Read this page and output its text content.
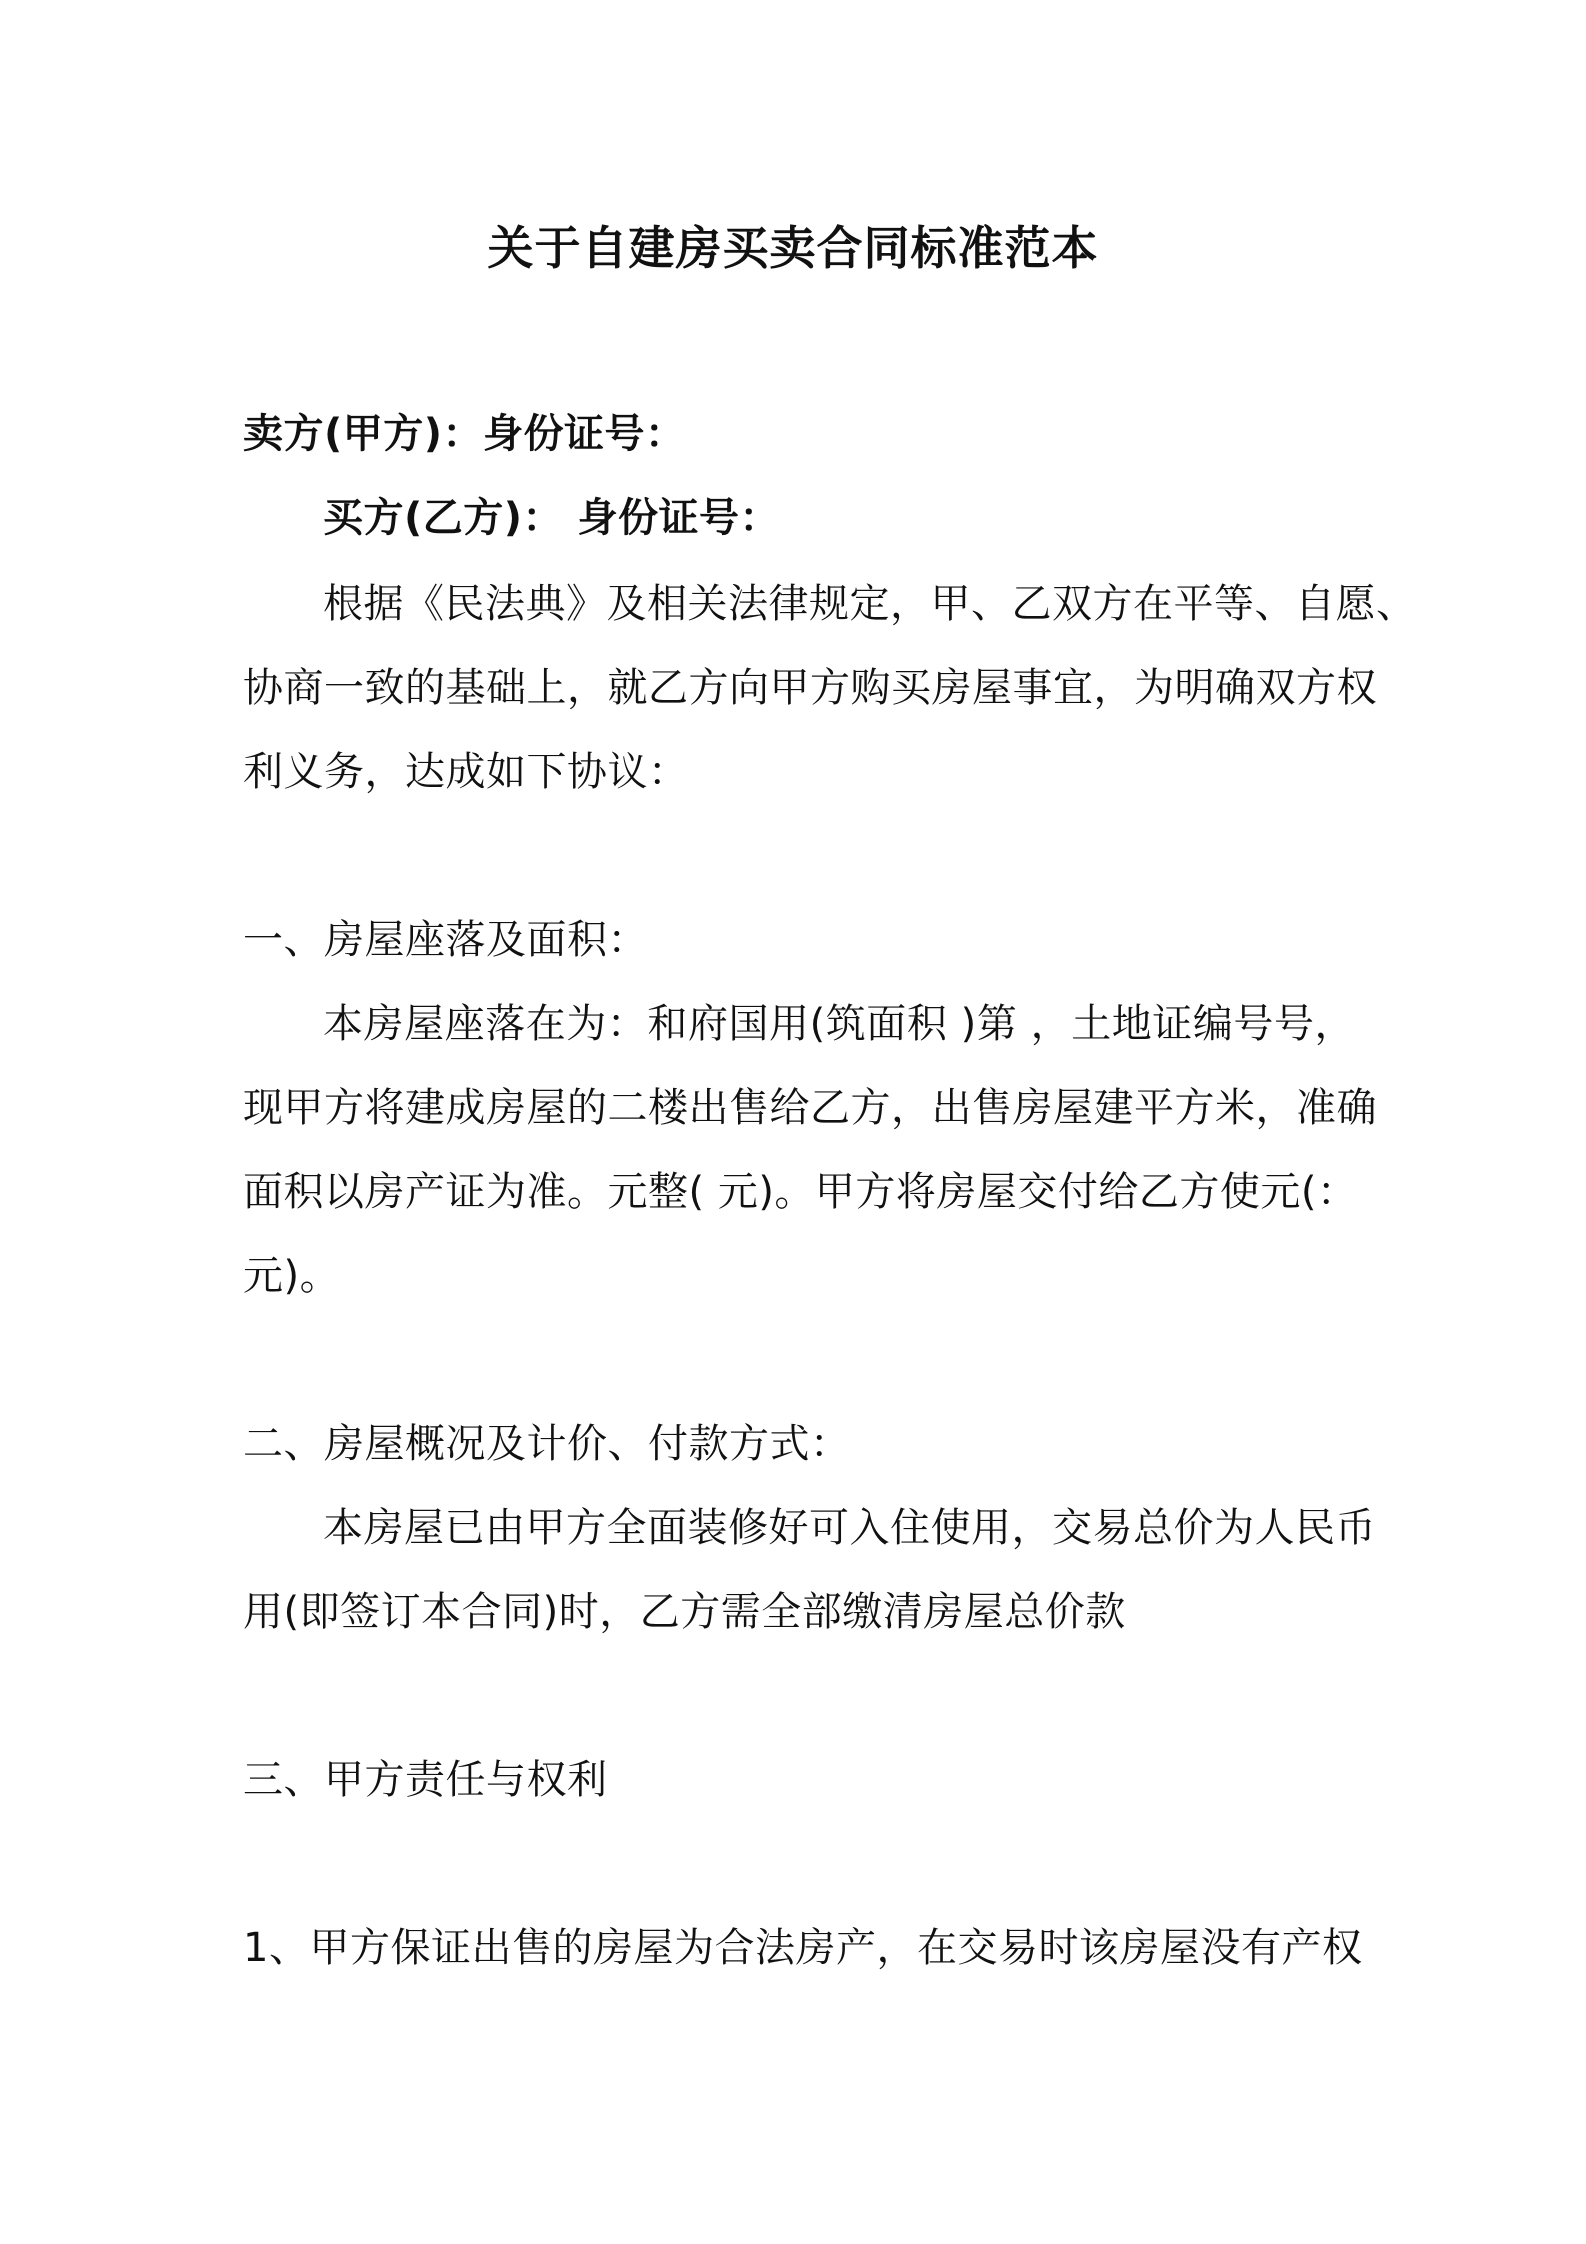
关于自建房买卖合同标准范本
卖方(甲方)：身份证号：
买方(乙方)： 身份证号：
根据《民法典》及相关法律规定，甲、乙双方在平等、自愿、
协商一致的基础上，就乙方向甲方购买房屋事宜，为明确双方权
利义务，达成如下协议：
一、房屋座落及面积：
本房屋座落在为：和府国用(筑面积 )第 ，土地证编号号，
现甲方将建成房屋的二楼出售给乙方，出售房屋建平方米，准确
面积以房产证为准。元整( 元)。甲方将房屋交付给乙方使元(：
元)。
二、房屋概况及计价、付款方式：
本房屋已由甲方全面装修好可入住使用，交易总价为人民币
用(即签订本合同)时，乙方需全部缴清房屋总价款
三、甲方责任与权利
1、甲方保证出售的房屋为合法房产，在交易时该房屋没有产权
